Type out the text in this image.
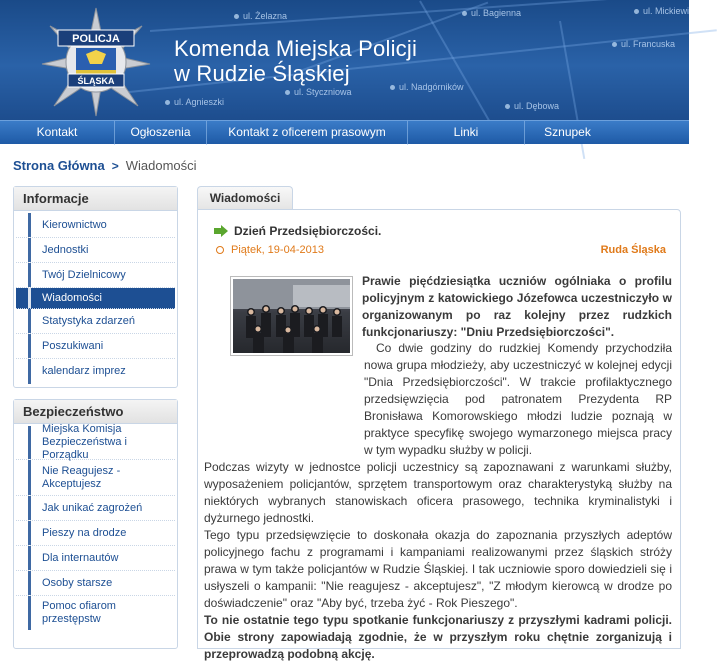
ul. Żelazna	ul. Bagienna	ul. Mickiewi
ul. Francuska
ul. Agnieszki
ul. Styczniowa	ul. Nadgórników
ul. Dębowa
POLICJA
ŚLĄSKA
Komenda Miejska Policji
w Rudzie Śląskiej
Kontakt	Ogłoszenia	Kontakt z oficerem prasowym	Linki	Sznupek
Strona Główna > Wiadomości
Informacje
Kierownictwo
Jednostki
Twój Dzielnicowy
Wiadomości
Statystyka zdarzeń
Poszukiwani
kalendarz imprez
Bezpieczeństwo
Miejska Komisja Bezpieczeństwa i Porządku
Nie Reagujesz - Akceptujesz
Jak unikać zagrożeń
Pieszy na drodze
Dla internautów
Osoby starsze
Pomoc ofiarom przestępstw
Wiadomości
Dzień Przedsiębiorczości.
Piątek, 19-04-2013	Ruda Śląska
Prawie pięćdziesiątka uczniów ogólniaka o profilu policyjnym z katowickiego Józefowca uczestniczyło w organizowanym po raz kolejny przez rudzkich funkcjonariuszy: "Dniu Przedsiębiorczości".

Co dwie godziny do rudzkiej Komendy przychodziła nowa grupa młodzieży, aby uczestniczyć w kolejnej edycji "Dnia Przedsiębiorczości". W trakcie profilaktycznego przedsięwzięcia pod patronatem Prezydenta RP Bronisława Komorowskiego młodzi ludzie poznają w praktyce specyfikę swojego wymarzonego miejsca pracy w tym wypadku służby w policji.

Podczas wizyty w jednostce policji uczestnicy są zapoznawani z warunkami służby, wyposażeniem policjantów, sprzętem transportowym oraz charakterystyką służby na niektórych wybranych stanowiskach oficera prasowego, technika kryminalistyki i dyżurnego jednostki.

Tego typu przedsięwzięcie to doskonała okazja do zapoznania przyszłych adeptów policyjnego fachu z programami i kampaniami realizowanymi przez śląskich stróży prawa w tym także policjantów w Rudzie Śląskiej. I tak uczniowie sporo dowiedzieli się i usłyszeli o kampanii: "Nie reagujesz - akceptujesz", "Z młodym kierowcą w drodze po doświadczenie" oraz "Aby być, trzeba żyć - Rok Pieszego".

To nie ostatnie tego typu spotkanie funkcjonariuszy z przyszłymi kadrami policji. Obie strony zapowiadają zgodnie, że w przyszłym roku chętnie zorganizują i przeprowadzą podobną akcję.
